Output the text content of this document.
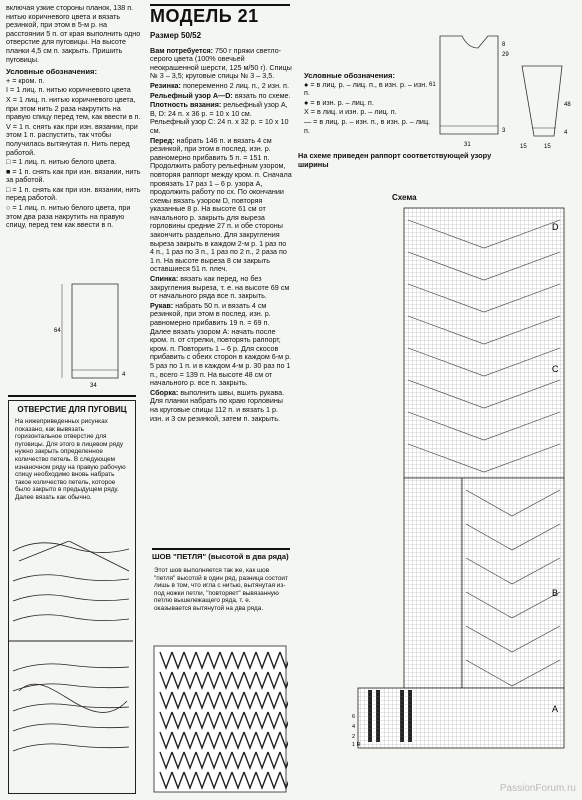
включая узкие стороны планок, 138 п. нитью коричневого цвета и вязать резинкой, при этом в 5-м р. на расстоянии 5 п. от края выполнить одно отверстие для пуговицы. На высоте планки 4,5 см п. закрыть. Пришить пуговицы.

Условные обозначения:

+ = кром. п.

I = 1 лиц. п. нитью коричневого цвета

X = 1 лиц. п. нитью коричневого цвета, при этом нить 2 раза накрутить на правую спицу перед тем, как ввести в п.

V = 1 п. снять как при изн. вязании, при этом 1 п. распустить, так чтобы получилась вытянутая п. Нить перед работой.

□ = 1 лиц. п. нитью белого цвета.

■ = 1 п. снять как при изн. вязании, нить за работой.

□ = 1 п. снять как при изн. вязании, нить перед работой.

○ = 1 лиц. п. нитью белого цвета, при этом два раза накрутить на правую спицу, перед тем как ввести в п.

64
34
4
ОТВЕРСТИЕ ДЛЯ ПУГОВИЦ

На нижеприведенных рисунках показано, как вывязать горизонтальное отверстие для пуговицы. Для этого в лицевом ряду нужно закрыть определенное количество петель. В следующем изнаночном ряду на правую рабочую спицу необходимо вновь набрать такое количество петель, которое было закрыто в предыдущем ряду. Далее вязать как обычно.

МОДЕЛЬ 21
Размер 50/52

Вам потребуется: 750 г пряжи светло-серого цвета (100% овечьей неокрашенной шерсти, 125 м/50 г). Спицы № 3 – 3,5; круговые спицы № 3 – 3,5.

Резинка: попеременно 2 лиц. п., 2 изн. п.

Рельефный узор А—D: вязать по схеме.

Плотность вязания: рельефный узор A, B, D: 24 п. х 36 р. = 10 х 10 см. Рельефный узор С: 24 п. х 32 р. = 10 х 10 см.

Перед: набрать 146 п. и вязать 4 см резинкой, при этом в послед. изн. р. равномерно прибавить 5 п. = 151 п. Продолжить работу рельефным узором, повторяя раппорт между кром. п. Сначала провязать 17 раз 1 – 6 р. узора А, продолжить работу по сх. По окончании схемы вязать узором D, повторяя указанные 8 р. На высоте 61 см от начального р. закрыть для выреза горловины средние 27 п. и обе стороны закончить раздельно. Для закругления выреза закрыть в каждом 2-м р. 1 раз по 4 п., 1 раз по 3 п., 1 раз по 2 п., 2 раза по 1 п. На высоте выреза 8 см закрыть оставшиеся 51 п. плеч.

Спинка: вязать как перед, но без закругления выреза, т. е. на высоте 69 см от начального ряда все п. закрыть.

Рукав: набрать 50 п. и вязать 4 см резинкой, при этом в послед. изн. р. равномерно прибавить 19 п. = 69 п. Далее вязать узором А: начать после кром. п. от стрелки, повторять раппорт, кром. п. Повторить 1 – 6 р. Для скосов прибавить с обеих сторон в каждом 6-м р. 5 раз по 1 п. и в каждом 4-м р. 30 раз по 1 п., всего = 139 п. На высоте 48 см от начального р. все п. закрыть.

Сборка: выполнить швы, вшить рукава. Для планки набрать по краю горловины на круговые спицы 112 п. и вязать 1 р. изн. и 3 см резинкой, затем п. закрыть.

ШОВ "ПЕТЛЯ" (высотой в два ряда)

Этот шов выполняется так же, как шов "петля" высотой в один ряд, разница состоит лишь в том, что игла с нитью, вытянутая из-под ножки петли, "повторяет" вывязанную петлю вышележащего ряда, т. е. оказывается вытянутой на два ряда.

29
8
61
3
31
48
15	15
4
Условные обозначения:

● = в лиц. р. – лиц. п., в изн. р. – изн. п.

● = в изн. р. – лиц. п.

X = в лиц. и изн. р. – лиц. п.

— = в лиц. р. – изн. п., в изн. р. – лиц. п.

На схеме приведен раппорт соответствующей узору ширины
Схема
D
C
B
A
6
4
2
1 R
PassionForum.ru
